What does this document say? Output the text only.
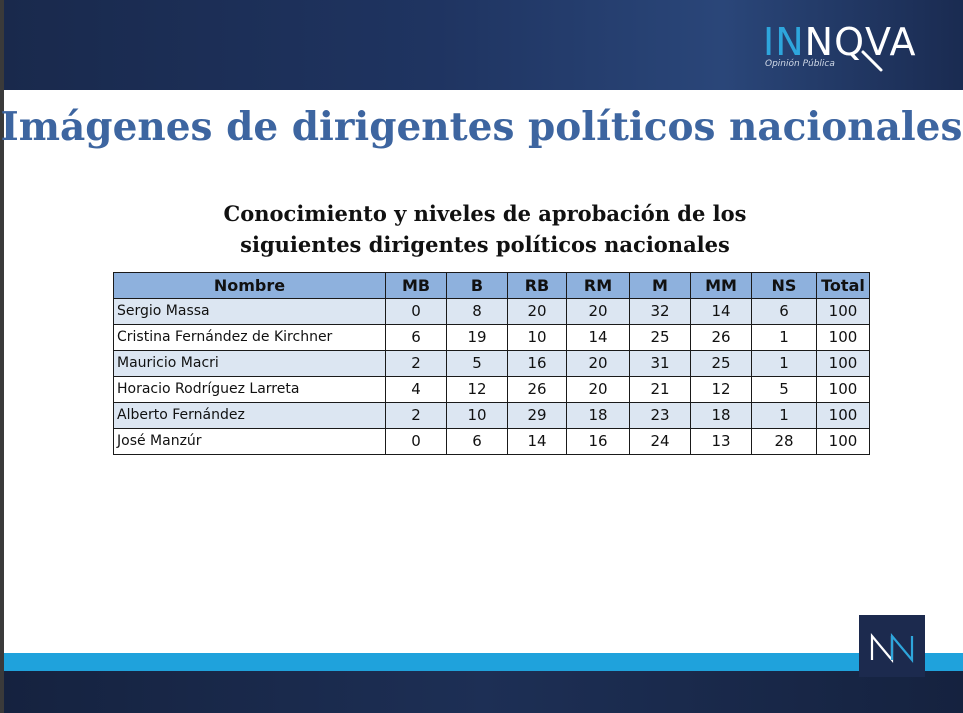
INNQVA
Opinión Pública
Imágenes de dirigentes políticos nacionales
Conocimiento y niveles de aprobación de los
siguientes dirigentes políticos nacionales
Nombre	MB	B	RB	RM	M	MM	NS	Total
Sergio Massa	0	8	20	20	32	14	6	100
Cristina Fernández de Kirchner	6	19	10	14	25	26	1	100
Mauricio Macri	2	5	16	20	31	25	1	100
Horacio Rodríguez Larreta	4	12	26	20	21	12	5	100
Alberto Fernández	2	10	29	18	23	18	1	100
José Manzúr	0	6	14	16	24	13	28	100
